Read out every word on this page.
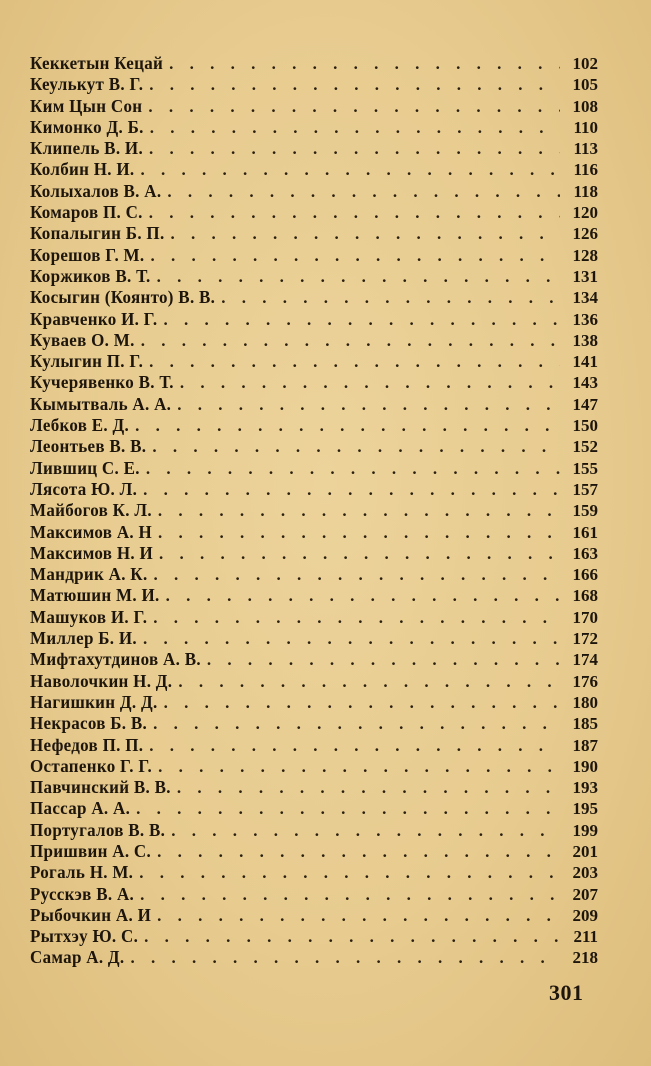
Кеккетын Кецай . . .	102
Кеулькут В. Г. . . .	105
Ким Цын Сон . . .	108
Кимонко Д. Б. . . .	110
Клипель В. И. . . .	113
Колбин Н. И. . . .	116
Колыхалов В. А. . . .	118
Комаров П. С. . . .	120
Копалыгин Б. П. . . .	126
Корешов Г. М. . . .	128
Коржиков В. Т. . . .	131
Косыгин (Коянто) В. В. . . .	134
Кравченко И. Г. . . .	136
Куваев О. М. . . .	138
Кулыгин П. Г. . . .	141
Кучерявенко В. Т. . . .	143
Кымытваль А. А. . . .	147
Лебков Е. Д. . . .	150
Леонтьев В. В. . . .	152
Лившиц С. Е. . . .	155
Лясота Ю. Л. . . .	157
Майбогов К. Л. . . .	159
Максимов А. Н . . .	161
Максимов Н. И . . .	163
Мандрик А. К. . . .	166
Матюшин М. И. . . .	168
Машуков И. Г. . . .	170
Миллер Б. И. . . .	172
Мифтахутдинов А. В. . . .	174
Наволочкин Н. Д. . . .	176
Нагишкин Д. Д. . . .	180
Некрасов Б. В. . . .	185
Нефедов П. П. . . .	187
Остапенко Г. Г. . . .	190
Павчинский В. В. . . .	193
Пассар А. А. . . .	195
Португалов В. В. . . .	199
Пришвин А. С. . . .	201
Рогаль Н. М. . . .	203
Русскэв В. А. . . .	207
Рыбочкин А. И . . .	209
Рытхэу Ю. С. . . .	211
Самар А. Д. . . .	218
301
